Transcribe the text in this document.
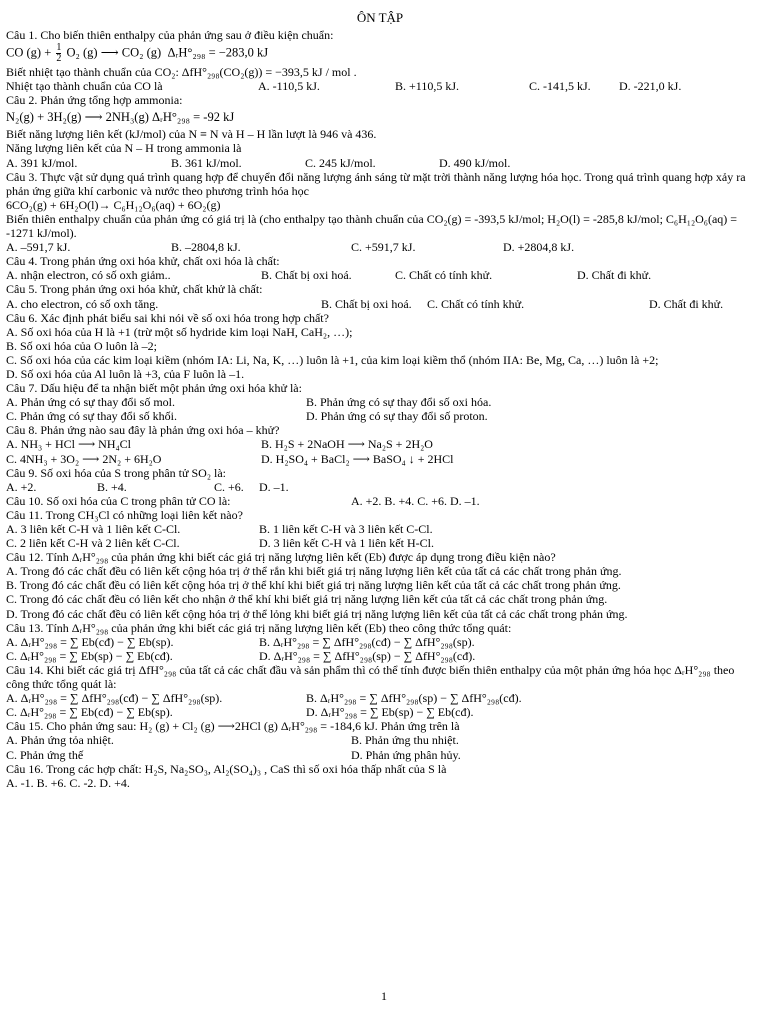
ÔN TẬP
Câu 1. Cho biến thiên enthalpy của phản ứng sau ở điều kiện chuẩn:
CO $(g) + \frac{1}{2} O_2$ (g) ⟶ CO₂ (g) ΔᵣH°₂₉₈ = −283,0 kJ
Biết nhiệt tạo thành chuẩn của CO₂: ΔfH°₂₉₈(CO₂(g)) = −393,5 kJ / mol .
Nhiệt tạo thành chuẩn của CO là	A. -110,5 kJ.	B. +110,5 kJ.	C. -141,5 kJ.	D. -221,0 kJ.
Câu 2. Phản ứng tổng hợp ammonia:
N₂(g) + 3H₂(g) ⟶ 2NH₃(g) ΔᵣH°₂₉₈ = -92 kJ
Biết năng lượng liên kết (kJ/mol) của N ≡ N và H – H lần lượt là 946 và 436.
Năng lượng liên kết của N – H trong ammonia là
A. 391 kJ/mol.	B. 361 kJ/mol.	C. 245 kJ/mol.	D. 490 kJ/mol.
Câu 3. Thực vật sử dụng quá trình quang hợp để chuyển đổi năng lượng ánh sáng từ mặt trời thành năng lượng hóa học. Trong quá trình quang hợp xảy ra phản ứng giữa khí carbonic và nước theo phương trình hóa học
6CO₂(g) + 6H₂O(l)→ C₆H₁₂O₆(aq) + 6O₂(g)
Biến thiên enthalpy chuẩn của phản ứng có giá trị là (cho enthalpy tạo thành chuẩn của CO₂(g) = -393,5 kJ/mol; H₂O(l) = -285,8 kJ/mol; C₆H₁₂O₆(aq) = -1271 kJ/mol).
A. –591,7 kJ.	B. –2804,8 kJ.	C. +591,7 kJ.	D. +2804,8 kJ.
Câu 4. Trong phản ứng oxi hóa khử, chất oxi hóa là chất:
A. nhận electron, có số oxh giảm..	B. Chất bị oxi hoá.	C. Chất có tính khử.	D. Chất đi khử.
Câu 5. Trong phản ứng oxi hóa khử, chất khử là chất:
A. cho electron, có số oxh tăng.	B. Chất bị oxi hoá.	C. Chất có tính khử.	D. Chất đi khử.
Câu 6. Xác định phát biểu sai khi nói về số oxi hóa trong hợp chất?
A. Số oxi hóa của H là +1 (trừ một số hydride kim loại NaH, CaH₂, …);
B. Số oxi hóa của O luôn là –2;
C. Số oxi hóa của các kim loại kiềm (nhóm IA: Li, Na, K, …) luôn là +1, của kim loại kiềm thổ (nhóm IIA: Be, Mg, Ca, …) luôn là +2;
D. Số oxi hóa của Al luôn là +3, của F luôn là –1.
Câu 7. Dấu hiệu để ta nhận biết một phản ứng oxi hóa khử là:
A. Phản ứng có sự thay đổi số mol.	B. Phản ứng có sự thay đổi số oxi hóa.
C. Phản ứng có sự thay đổi số khối.	D. Phản ứng có sự thay đổi số proton.
Câu 8. Phản ứng nào sau đây là phản ứng oxi hóa – khử?
A. NH₃ + HCl ⟶ NH₄Cl	B. H₂S + 2NaOH ⟶ Na₂S + 2H₂O
C. 4NH₃ + 3O₂ ⟶ 2N₂ + 6H₂O	D. H₂SO₄ + BaCl₂ ⟶ BaSO₄ ↓ + 2HCl
Câu 9. Số oxi hóa của S trong phân tử SO₂ là:
A. +2.	B. +4.	C. +6.	D. –1.
Câu 10. Số oxi hóa của C trong phân tử CO là:	A. +2. B. +4. C. +6. D. –1.
Câu 11. Trong CH₃Cl có những loại liên kết nào?
A. 3 liên kết C-H và 1 liên kết C-Cl.	B. 1 liên kết C-H và 3 liên kết C-Cl.
C. 2 liên kết C-H và 2 liên kết C-Cl.	D. 3 liên kết C-H và 1 liên kết H-Cl.
Câu 12. Tính ΔᵣH°₂₉₈ của phản ứng khi biết các giá trị năng lượng liên kết (Eb) được áp dụng trong điều kiện nào?
A. Trong đó các chất đều có liên kết cộng hóa trị ở thể rắn khi biết giá trị năng lượng liên kết của tất cả các chất trong phản ứng.
B. Trong đó các chất đều có liên kết cộng hóa trị ở thể khí khi biết giá trị năng lượng liên kết của tất cả các chất trong phản ứng.
C. Trong đó các chất đều có liên kết cho nhận ở thể khí khi biết giá trị năng lượng liên kết của tất cả các chất trong phản ứng.
D. Trong đó các chất đều có liên kết cộng hóa trị ở thể lỏng khi biết giá trị năng lượng liên kết của tất cả các chất trong phản ứng.
Câu 13. Tính ΔᵣH°₂₉₈ của phản ứng khi biết các giá trị năng lượng liên kết (Eb) theo công thức tổng quát:
A. ΔᵣH°₂₉₈ = ∑ Eb(cđ) − ∑ Eb(sp).	B. ΔᵣH°₂₉₈ = ∑ ΔfH°₂₉₈(cđ) − ∑ ΔfH°₂₉₈(sp).
C. ΔᵣH°₂₉₈ = ∑ Eb(sp) − ∑ Eb(cđ).	D. ΔᵣH°₂₉₈ = ∑ ΔfH°₂₉₈(sp) − ∑ ΔfH°₂₉₈(cđ).
Câu 14. Khi biết các giá trị ΔfH°₂₉₈ của tất cả các chất đầu và sản phẩm thì có thể tính được biến thiên enthalpy của một phản ứng hóa học ΔᵣH°₂₉₈ theo công thức tổng quát là:
A. ΔᵣH°₂₉₈ = ∑ ΔfH°₂₉₈(cđ) − ∑ ΔfH°₂₉₈(sp).	B. ΔᵣH°₂₉₈ = ∑ ΔfH°₂₉₈(sp) − ∑ ΔfH°₂₉₈(cđ).
C. ΔᵣH°₂₉₈ = ∑ Eb(cđ) − ∑ Eb(sp).	D. ΔᵣH°₂₉₈ = ∑ Eb(sp) − ∑ Eb(cđ).
Câu 15. Cho phản ứng sau: H₂ (g) + Cl₂ (g) ⟶2HCl (g) ΔᵣH°₂₉₈ = -184,6 kJ. Phản ứng trên là
A. Phản ứng tỏa nhiệt.	B. Phản ứng thu nhiệt.
C. Phản ứng thế	D. Phản ứng phân hủy.
Câu 16. Trong các hợp chất: H₂S, Na₂SO₃, Al₂(SO₄)₃ , CaS thì số oxi hóa thấp nhất của S là
A. -1. B. +6. C. -2. D. +4.
1
